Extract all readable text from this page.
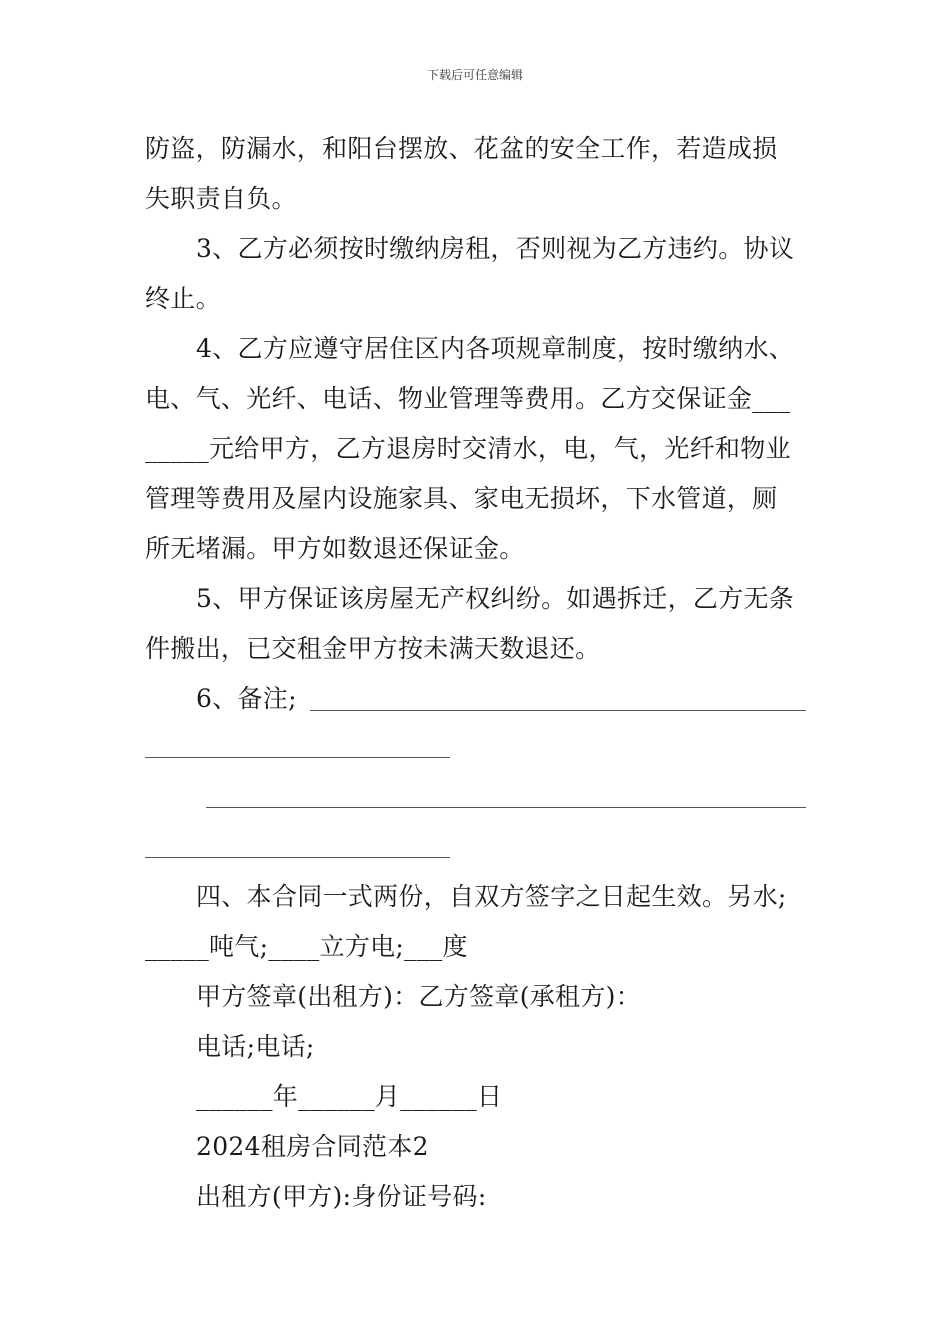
下载后可任意编辑
防盗，防漏水，和阳台摆放、花盆的安全工作，若造成损
失职责自负。
3、乙方必须按时缴纳房租，否则视为乙方违约。协议
终止。
4、乙方应遵守居住区内各项规章制度，按时缴纳水、
电、气、光纤、电话、物业管理等费用。乙方交保证金___
_____元给甲方，乙方退房时交清水，电，气，光纤和物业
管理等费用及屋内设施家具、家电无损坏，下水管道，厕
所无堵漏。甲方如数退还保证金。
5、甲方保证该房屋无产权纠纷。如遇拆迁，乙方无条
件搬出，已交租金甲方按未满天数退还。
6、备注;
四、本合同一式两份，自双方签字之日起生效。另水;
_____吨气;____立方电;___度
甲方签章(出租方)：乙方签章(承租方)：
电话;电话;
______年______月______日
2024租房合同范本2
出租方(甲方):身份证号码:
